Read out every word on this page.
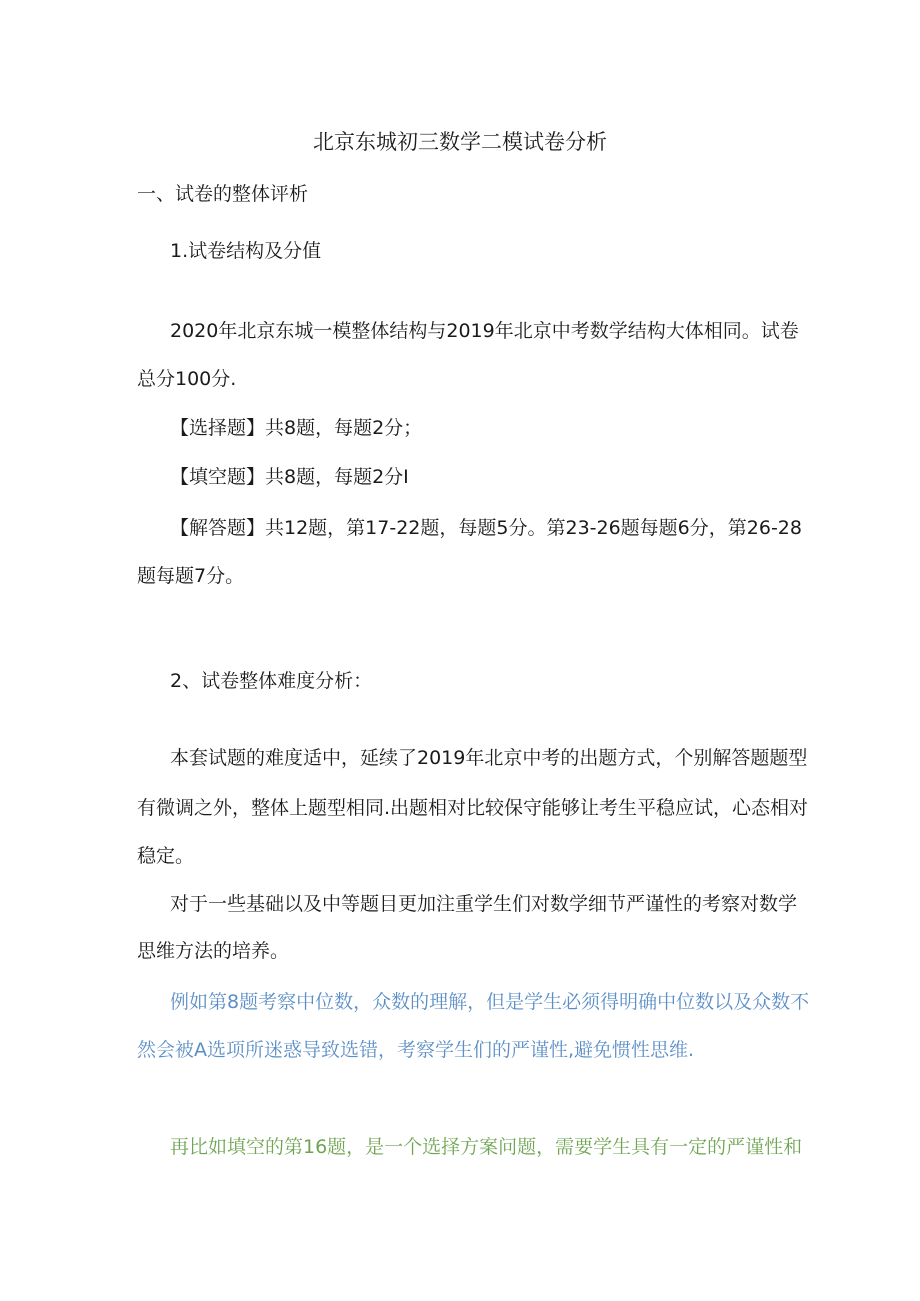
北京东城初三数学二模试卷分析
一、试卷的整体评析
1.试卷结构及分值
2020年北京东城一模整体结构与2019年北京中考数学结构大体相同。试卷
总分100分.
【选择题】共8题，每题2分；
【填空题】共8题，每题2分I
【解答题】共12题，第17-22题，每题5分。第23-26题每题6分，第26-28
题每题7分。
2、试卷整体难度分析：
本套试题的难度适中，延续了2019年北京中考的出题方式，个别解答题题型
有微调之外，整体上题型相同.出题相对比较保守能够让考生平稳应试，心态相对
稳定。
对于一些基础以及中等题目更加注重学生们对数学细节严谨性的考察对数学
思维方法的培养。
例如第8题考察中位数，众数的理解，但是学生必须得明确中位数以及众数不
然会被A选项所迷惑导致选错，考察学生们的严谨性,避免惯性思维.
再比如填空的第16题，是一个选择方案问题，需要学生具有一定的严谨性和
